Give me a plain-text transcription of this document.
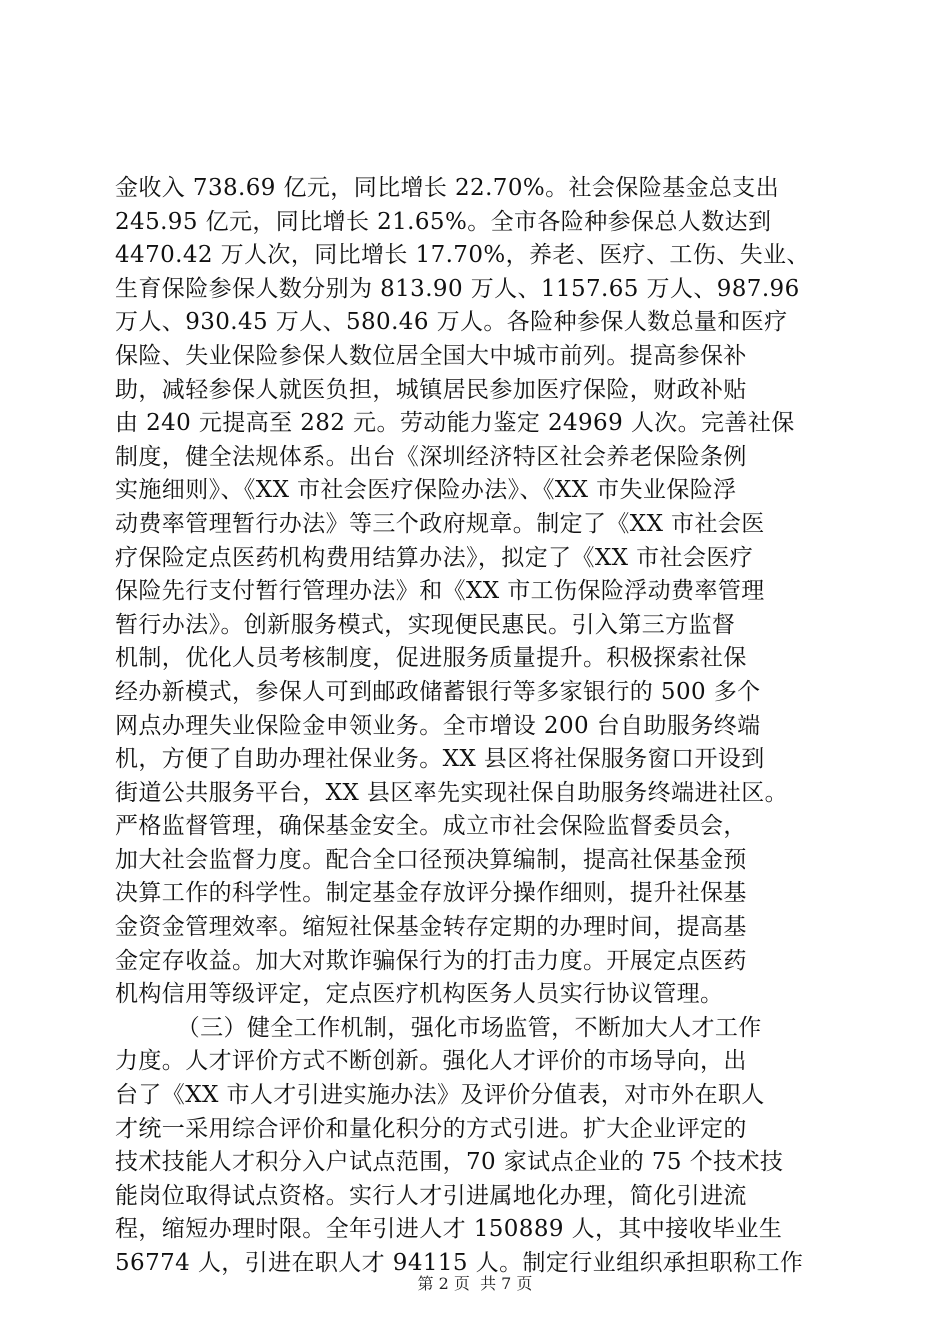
金收入 738.69 亿元，同比增长 22.70%。社会保险基金总支出
245.95 亿元，同比增长 21.65%。全市各险种参保总人数达到
4470.42 万人次，同比增长 17.70%，养老、医疗、工伤、失业、
生育保险参保人数分别为 813.90 万人、1157.65 万人、987.96
万人、930.45 万人、580.46 万人。各险种参保人数总量和医疗
保险、失业保险参保人数位居全国大中城市前列。提高参保补
助，减轻参保人就医负担，城镇居民参加医疗保险，财政补贴
由 240 元提高至 282 元。劳动能力鉴定 24969 人次。完善社保
制度，健全法规体系。出台《深圳经济特区社会养老保险条例
实施细则》、《XX 市社会医疗保险办法》、《XX 市失业保险浮
动费率管理暂行办法》等三个政府规章。制定了《XX 市社会医
疗保险定点医药机构费用结算办法》，拟定了《XX 市社会医疗
保险先行支付暂行管理办法》和《XX 市工伤保险浮动费率管理
暂行办法》。创新服务模式，实现便民惠民。引入第三方监督
机制，优化人员考核制度，促进服务质量提升。积极探索社保
经办新模式，参保人可到邮政储蓄银行等多家银行的 500 多个
网点办理失业保险金申领业务。全市增设 200 台自助服务终端
机，方便了自助办理社保业务。XX 县区将社保服务窗口开设到
街道公共服务平台，XX 县区率先实现社保自助服务终端进社区。
严格监督管理，确保基金安全。成立市社会保险监督委员会，
加大社会监督力度。配合全口径预决算编制，提高社保基金预
决算工作的科学性。制定基金存放评分操作细则，提升社保基
金资金管理效率。缩短社保基金转存定期的办理时间，提高基
金定存收益。加大对欺诈骗保行为的打击力度。开展定点医药
机构信用等级评定，定点医疗机构医务人员实行协议管理。
（三）健全工作机制，强化市场监管，不断加大人才工作
力度。人才评价方式不断创新。强化人才评价的市场导向，出
台了《XX 市人才引进实施办法》及评价分值表，对市外在职人
才统一采用综合评价和量化积分的方式引进。扩大企业评定的
技术技能人才积分入户试点范围，70 家试点企业的 75 个技术技
能岗位取得试点资格。实行人才引进属地化办理，简化引进流
程，缩短办理时限。全年引进人才 150889 人，其中接收毕业生
56774 人，引进在职人才 94115 人。制定行业组织承担职称工作
第 2 页  共 7 页
